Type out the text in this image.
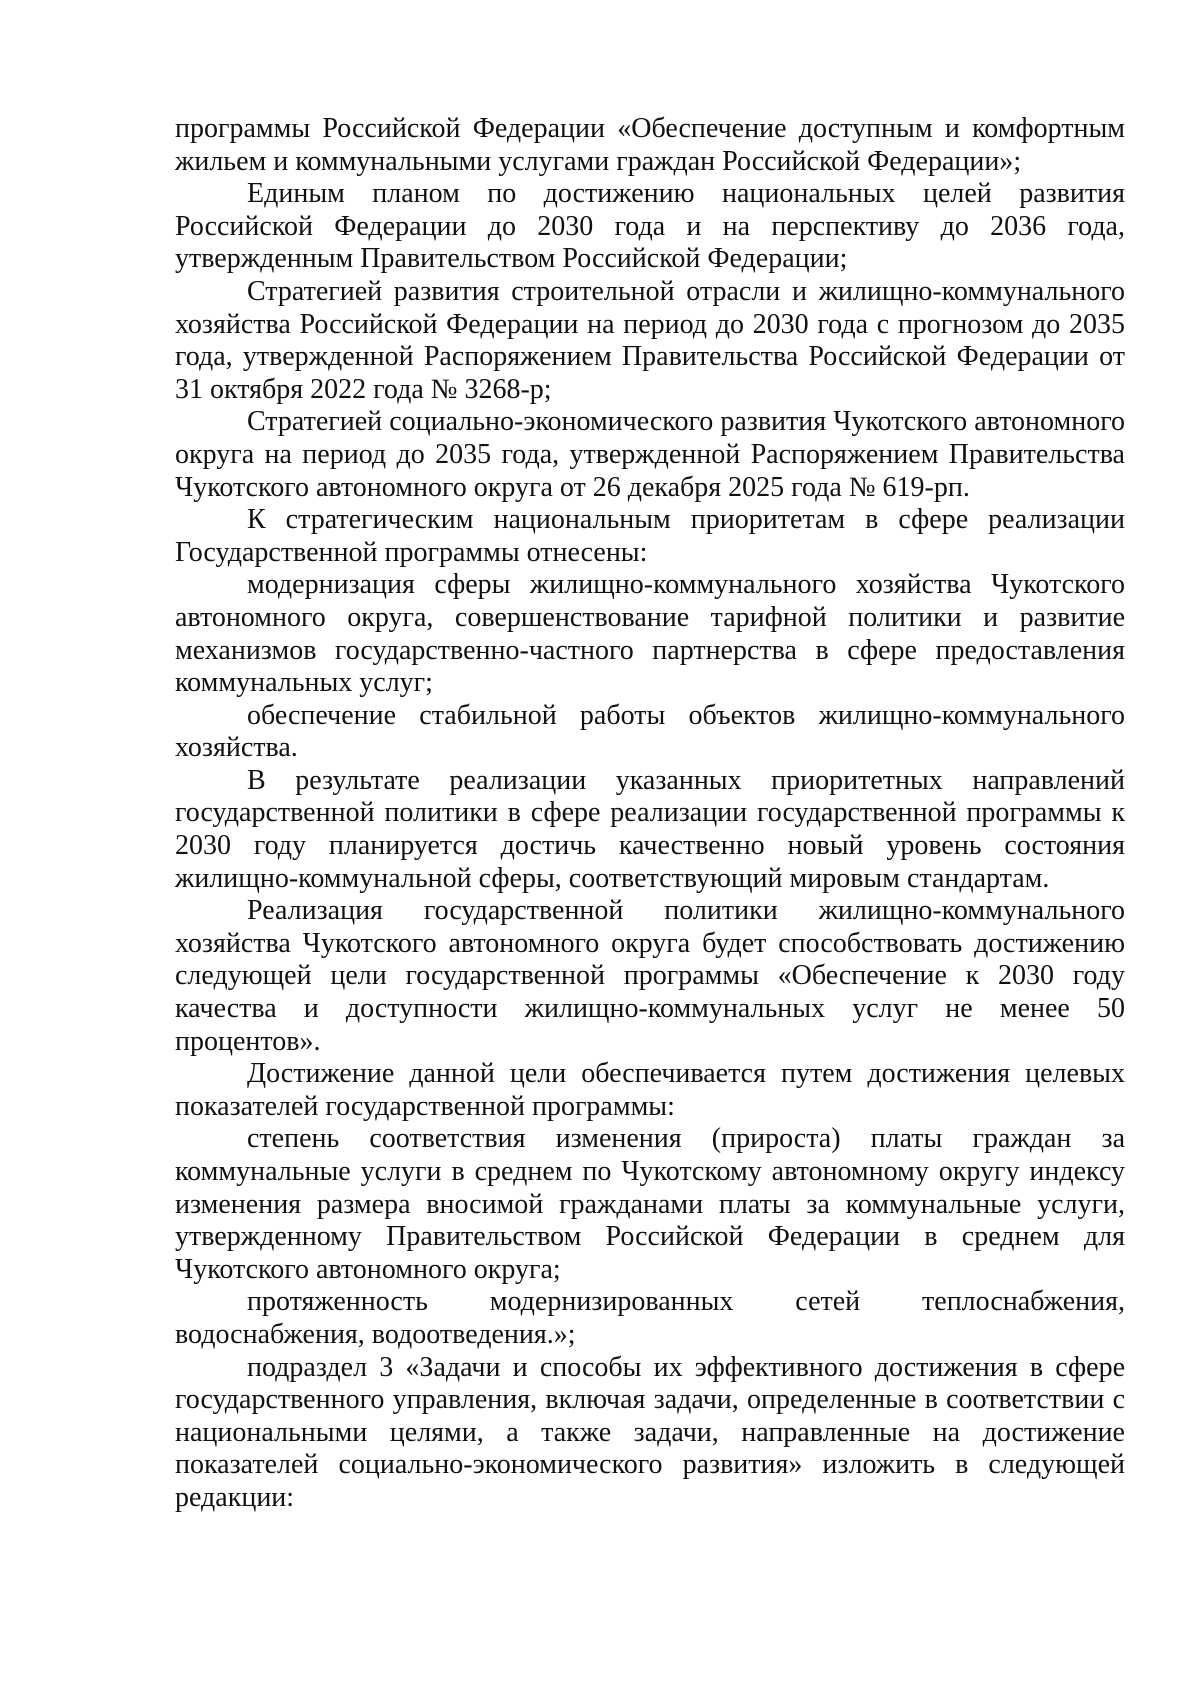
программы Российской Федерации «Обеспечение доступным и комфортным жильем и коммунальными услугами граждан Российской Федерации»;

Единым планом по достижению национальных целей развития Российской Федерации до 2030 года и на перспективу до 2036 года, утвержденным Правительством Российской Федерации;

Стратегией развития строительной отрасли и жилищно-коммунального хозяйства Российской Федерации на период до 2030 года с прогнозом до 2035 года, утвержденной Распоряжением Правительства Российской Федерации от 31 октября 2022 года № 3268-р;

Стратегией социально-экономического развития Чукотского автономного округа на период до 2035 года, утвержденной Распоряжением Правительства Чукотского автономного округа от 26 декабря 2025 года № 619-рп.

К стратегическим национальным приоритетам в сфере реализации Государственной программы отнесены:

модернизация сферы жилищно-коммунального хозяйства Чукотского автономного округа, совершенствование тарифной политики и развитие механизмов государственно-частного партнерства в сфере предоставления коммунальных услуг;

обеспечение стабильной работы объектов жилищно-коммунального хозяйства.

В результате реализации указанных приоритетных направлений государственной политики в сфере реализации государственной программы к 2030 году планируется достичь качественно новый уровень состояния жилищно-коммунальной сферы, соответствующий мировым стандартам.

Реализация государственной политики жилищно-коммунального хозяйства Чукотского автономного округа будет способствовать достижению следующей цели государственной программы «Обеспечение к 2030 году качества и доступности жилищно-коммунальных услуг не менее 50 процентов».

Достижение данной цели обеспечивается путем достижения целевых показателей государственной программы:

степень соответствия изменения (прироста) платы граждан за коммунальные услуги в среднем по Чукотскому автономному округу индексу изменения размера вносимой гражданами платы за коммунальные услуги, утвержденному Правительством Российской Федерации в среднем для Чукотского автономного округа;

протяженность модернизированных сетей теплоснабжения, водоснабжения, водоотведения.»;

подраздел 3 «Задачи и способы их эффективного достижения в сфере государственного управления, включая задачи, определенные в соответствии с национальными целями, а также задачи, направленные на достижение показателей социально-экономического развития» изложить в следующей редакции:
